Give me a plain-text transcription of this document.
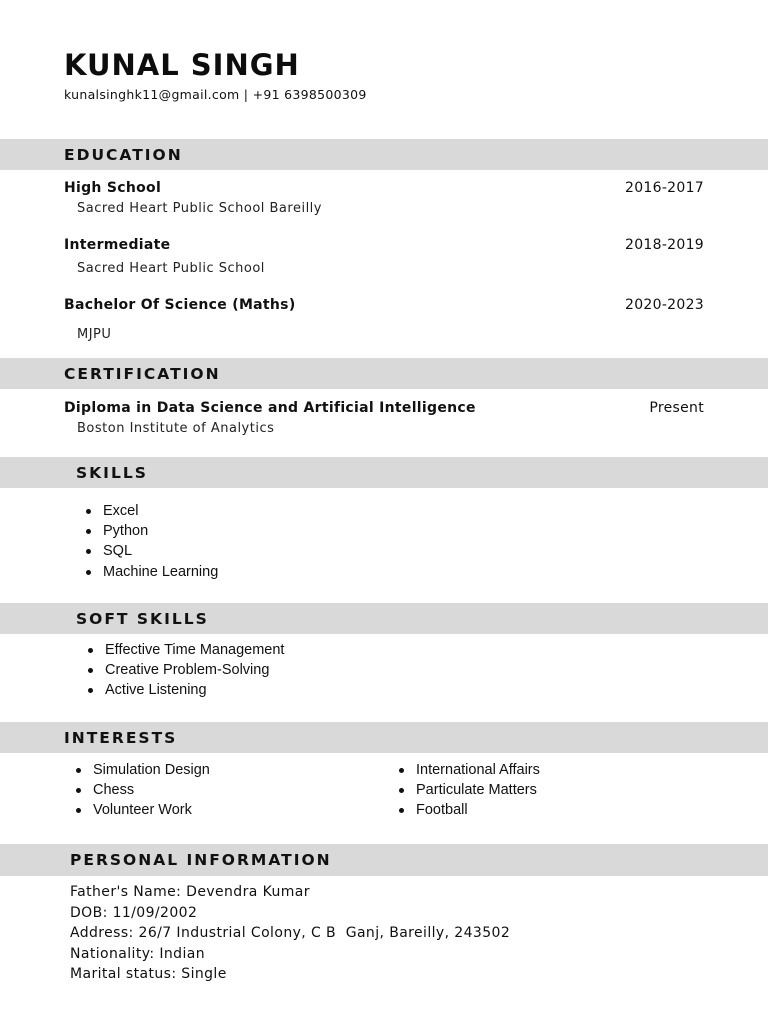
KUNAL SINGH
kunalsinghk11@gmail.com | +91 6398500309
EDUCATION
High School	2016-2017
Sacred Heart Public School Bareilly
Intermediate	2018-2019
Sacred Heart Public School
Bachelor Of Science (Maths)	2020-2023
MJPU
CERTIFICATION
Diploma in Data Science and Artificial Intelligence	Present
Boston Institute of Analytics
SKILLS
Excel
Python
SQL
Machine Learning
SOFT SKILLS
Effective Time Management
Creative Problem-Solving
Active Listening
INTERESTS
Simulation Design
Chess
Volunteer Work
International Affairs
Particulate Matters
Football
PERSONAL INFORMATION
Father's Name: Devendra Kumar
DOB: 11/09/2002
Address: 26/7 Industrial Colony, C B  Ganj, Bareilly, 243502
Nationality: Indian
Marital status: Single
